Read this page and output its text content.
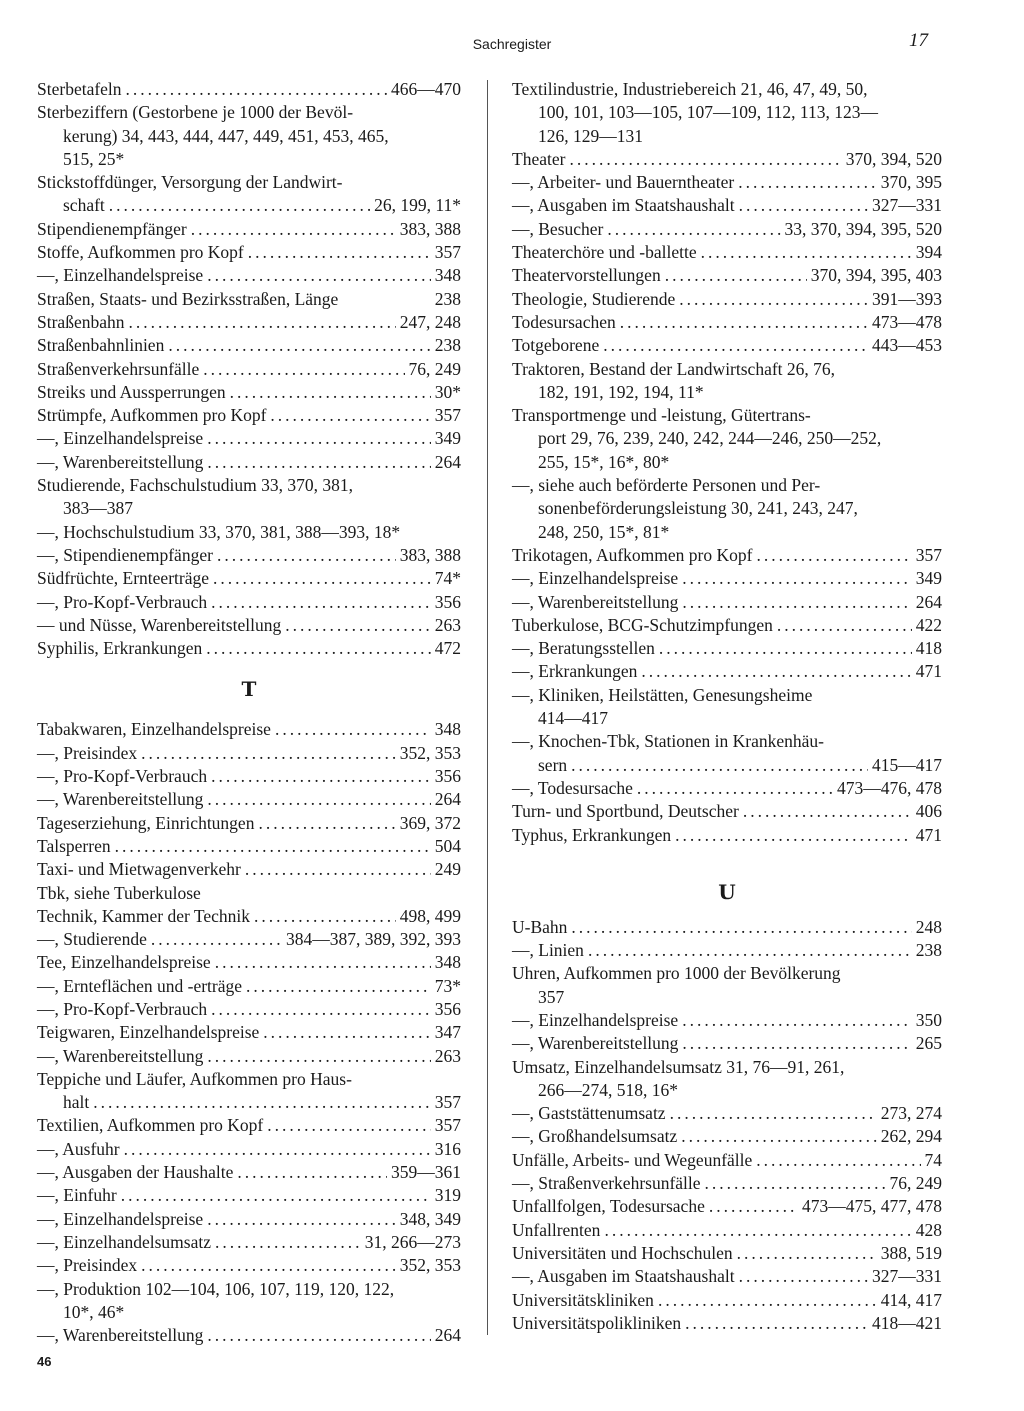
Sachregister	17
Sterbetafeln .....	466—470
Sterbeziffern (Gestorbene je 1000 der Bevöl-
kerung) 34, 443, 444, 447, 449, 451, 453, 465,
515, 25*
Stickstoffdünger, Versorgung der Landwirt-
schaft .....	26, 199, 11*
Stipendienempfänger .....	383, 388
Stoffe, Aufkommen pro Kopf .....	357
—, Einzelhandelspreise .....	348
Straßen, Staats- und Bezirksstraßen, Länge	238
Straßenbahn .....	247, 248
Straßenbahnlinien .....	238
Straßenverkehrsunfälle .....	76, 249
Streiks und Aussperrungen .....	30*
Strümpfe, Aufkommen pro Kopf .....	357
—, Einzelhandelspreise .....	349
—, Warenbereitstellung .....	264
Studierende, Fachschulstudium 33, 370, 381,
383—387
—, Hochschulstudium 33, 370, 381, 388—393, 18*
—, Stipendienempfänger .....	383, 388
Südfrüchte, Ernteerträge .....	74*
—, Pro-Kopf-Verbrauch .....	356
— und Nüsse, Warenbereitstellung .....	263
Syphilis, Erkrankungen .....	472
T
Tabakwaren, Einzelhandelspreise .....	348
—, Preisindex .....	352, 353
—, Pro-Kopf-Verbrauch .....	356
—, Warenbereitstellung .....	264
Tageserziehung, Einrichtungen .....	369, 372
Talsperren .....	504
Taxi- und Mietwagenverkehr .....	249
Tbk, siehe Tuberkulose
Technik, Kammer der Technik .....	498, 499
—, Studierende .....	384—387, 389, 392, 393
Tee, Einzelhandelspreise .....	348
—, Ernteflächen und -erträge .....	73*
—, Pro-Kopf-Verbrauch .....	356
Teigwaren, Einzelhandelspreise .....	347
—, Warenbereitstellung .....	263
Teppiche und Läufer, Aufkommen pro Haus-
halt .....	357
Textilien, Aufkommen pro Kopf .....	357
—, Ausfuhr .....	316
—, Ausgaben der Haushalte .....	359—361
—, Einfuhr .....	319
—, Einzelhandelspreise .....	348, 349
—, Einzelhandelsumsatz .....	31, 266—273
—, Preisindex .....	352, 353
—, Produktion 102—104, 106, 107, 119, 120, 122,
10*, 46*
—, Warenbereitstellung .....	264
Textilindustrie, Industriebereich 21, 46, 47, 49, 50,
100, 101, 103—105, 107—109, 112, 113, 123—
126, 129—131
Theater .....	370, 394, 520
—, Arbeiter- und Bauerntheater .....	370, 395
—, Ausgaben im Staatshaushalt .....	327—331
—, Besucher .....	33, 370, 394, 395, 520
Theaterchöre und -ballette .....	394
Theatervorstellungen .....	370, 394, 395, 403
Theologie, Studierende .....	391—393
Todesursachen .....	473—478
Totgeborene .....	443—453
Traktoren, Bestand der Landwirtschaft 26, 76,
182, 191, 192, 194, 11*
Transportmenge und -leistung, Gütertrans-
port 29, 76, 239, 240, 242, 244—246, 250—252,
255, 15*, 16*, 80*
—, siehe auch beförderte Personen und Per-
sonenbeförderungsleistung 30, 241, 243, 247,
248, 250, 15*, 81*
Trikotagen, Aufkommen pro Kopf .....	357
—, Einzelhandelspreise .....	349
—, Warenbereitstellung .....	264
Tuberkulose, BCG-Schutzimpfungen .....	422
—, Beratungsstellen .....	418
—, Erkrankungen .....	471
—, Kliniken, Heilstätten, Genesungsheime
414—417
—, Knochen-Tbk, Stationen in Krankenhäu-
sern .....	415—417
—, Todesursache .....	473—476, 478
Turn- und Sportbund, Deutscher .....	406
Typhus, Erkrankungen .....	471
U
U-Bahn .....	248
—, Linien .....	238
Uhren, Aufkommen pro 1000 der Bevölkerung
357
—, Einzelhandelspreise .....	350
—, Warenbereitstellung .....	265
Umsatz, Einzelhandelsumsatz 31, 76—91, 261,
266—274, 518, 16*
—, Gaststättenumsatz .....	273, 274
—, Großhandelsumsatz .....	262, 294
Unfälle, Arbeits- und Wegeunfälle .....	74
—, Straßenverkehrsunfälle .....	76, 249
Unfallfolgen, Todesursache .....	473—475, 477, 478
Unfallrenten .....	428
Universitäten und Hochschulen .....	388, 519
—, Ausgaben im Staatshaushalt .....	327—331
Universitätskliniken .....	414, 417
Universitätspolikliniken .....	418—421
46
